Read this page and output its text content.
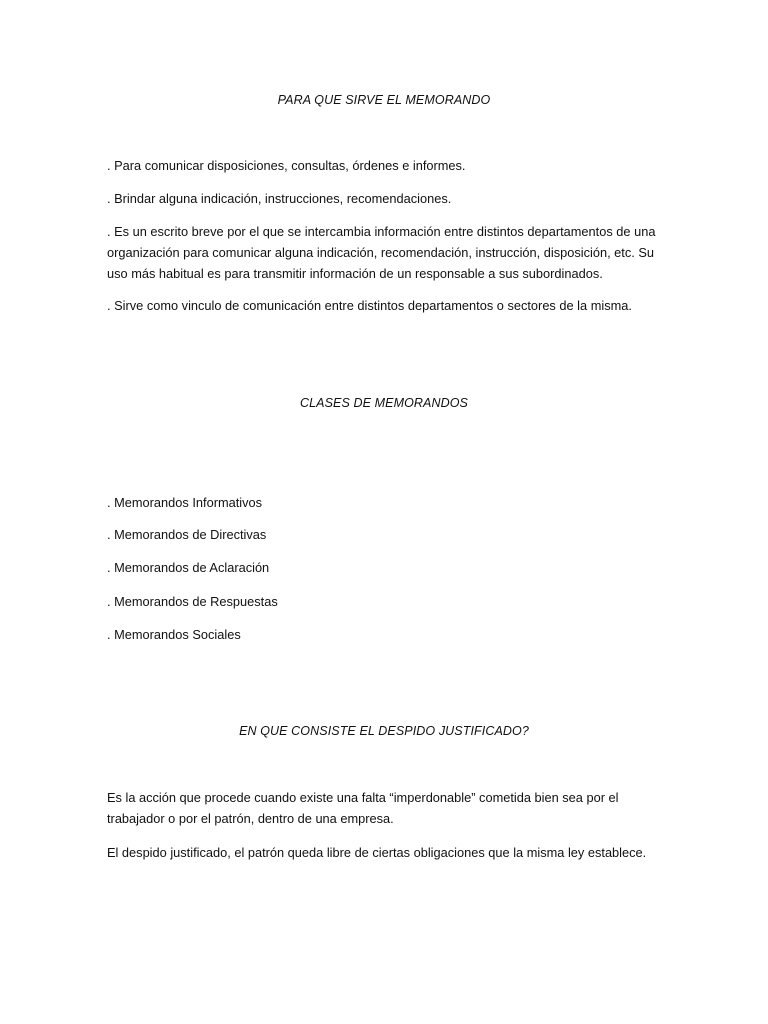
PARA QUE SIRVE EL MEMORANDO
. Para comunicar disposiciones, consultas, órdenes e informes.
. Brindar alguna indicación, instrucciones, recomendaciones.
. Es un escrito breve por el que se intercambia información entre distintos departamentos de una
organización para comunicar alguna indicación, recomendación, instrucción, disposición, etc. Su
uso más habitual es para transmitir información de un responsable a sus subordinados.
. Sirve como vinculo de comunicación entre distintos departamentos o sectores de la misma.
CLASES DE MEMORANDOS
. Memorandos Informativos
. Memorandos de Directivas
. Memorandos de Aclaración
. Memorandos de Respuestas
. Memorandos Sociales
EN QUE CONSISTE EL DESPIDO JUSTIFICADO?
Es la acción que procede cuando existe una falta “imperdonable” cometida bien sea por el
trabajador o por el patrón, dentro de una empresa.
El despido justificado, el patrón queda libre de ciertas obligaciones que la misma ley establece.
